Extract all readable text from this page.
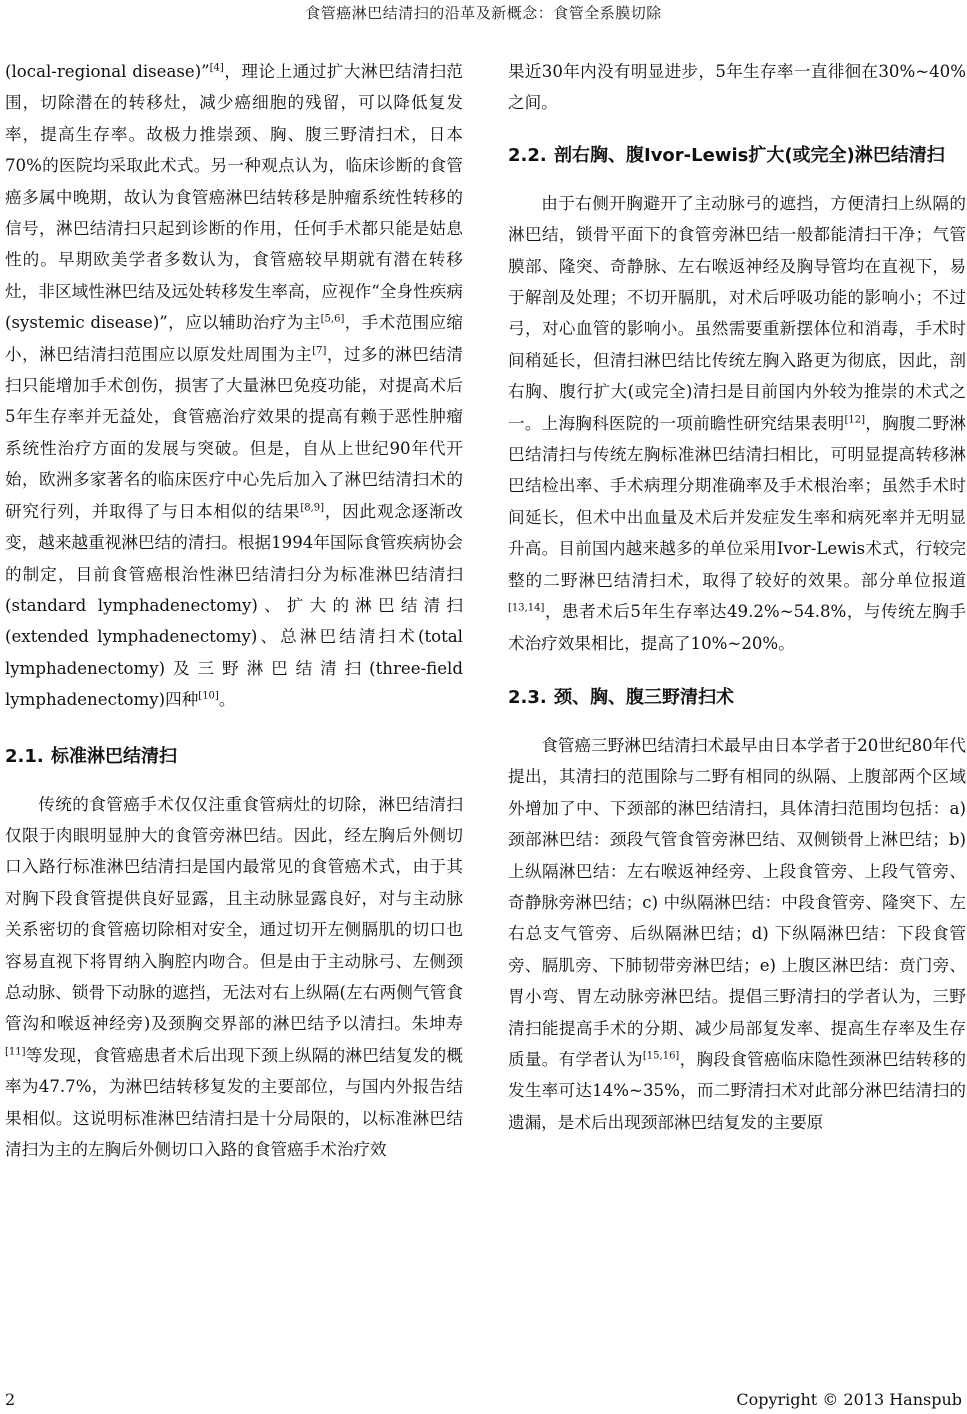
食管癌淋巴结清扫的沿革及新概念：食管全系膜切除

(local-regional disease)”[4]，理论上通过扩大淋巴结清扫范围，切除潜在的转移灶，减少癌细胞的残留，可以降低复发率，提高生存率。故极力推崇颈、胸、腹三野清扫术，日本70%的医院均采取此术式。另一种观点认为，临床诊断的食管癌多属中晚期，故认为食管癌淋巴结转移是肿瘤系统性转移的信号，淋巴结清扫只起到诊断的作用，任何手术都只能是姑息性的。早期欧美学者多数认为，食管癌较早期就有潜在转移灶，非区域性淋巴结及远处转移发生率高，应视作“全身性疾病(systemic disease)”，应以辅助治疗为主[5,6]，手术范围应缩小，淋巴结清扫范围应以原发灶周围为主[7]，过多的淋巴结清扫只能增加手术创伤，损害了大量淋巴免疫功能，对提高术后5年生存率并无益处，食管癌治疗效果的提高有赖于恶性肿瘤系统性治疗方面的发展与突破。但是，自从上世纪90年代开始，欧洲多家著名的临床医疗中心先后加入了淋巴结清扫术的研究行列，并取得了与日本相似的结果[8,9]，因此观念逐渐改变，越来越重视淋巴结的清扫。根据1994年国际食管疾病协会的制定，目前食管癌根治性淋巴结清扫分为标准淋巴结清扫(standard lymphadenectomy)、扩大的淋巴结清扫(extended lymphadenectomy)、总淋巴结清扫术(total lymphadenectomy)及三野淋巴结清扫(three-field lymphadenectomy)四种[10]。

2.1. 标准淋巴结清扫

传统的食管癌手术仅仅注重食管病灶的切除，淋巴结清扫仅限于肉眼明显肿大的食管旁淋巴结。因此，经左胸后外侧切口入路行标准淋巴结清扫是国内最常见的食管癌术式，由于其对胸下段食管提供良好显露，且主动脉显露良好，对与主动脉关系密切的食管癌切除相对安全，通过切开左侧膈肌的切口也容易直视下将胃纳入胸腔内吻合。但是由于主动脉弓、左侧颈总动脉、锁骨下动脉的遮挡，无法对右上纵隔(左右两侧气管食管沟和喉返神经旁)及颈胸交界部的淋巴结予以清扫。朱坤寿[11]等发现，食管癌患者术后出现下颈上纵隔的淋巴结复发的概率为47.7%，为淋巴结转移复发的主要部位，与国内外报告结果相似。这说明标准淋巴结清扫是十分局限的，以标准淋巴结清扫为主的左胸后外侧切口入路的食管癌手术治疗效

果近30年内没有明显进步，5年生存率一直徘徊在30%~40%之间。

2.2. 剖右胸、腹Ivor-Lewis扩大(或完全)淋巴结清扫

由于右侧开胸避开了主动脉弓的遮挡，方便清扫上纵隔的淋巴结，锁骨平面下的食管旁淋巴结一般都能清扫干净；气管膜部、隆突、奇静脉、左右喉返神经及胸导管均在直视下，易于解剖及处理；不切开膈肌，对术后呼吸功能的影响小；不过弓，对心血管的影响小。虽然需要重新摆体位和消毒，手术时间稍延长，但清扫淋巴结比传统左胸入路更为彻底，因此，剖右胸、腹行扩大(或完全)清扫是目前国内外较为推崇的术式之一。上海胸科医院的一项前瞻性研究结果表明[12]，胸腹二野淋巴结清扫与传统左胸标准淋巴结清扫相比，可明显提高转移淋巴结检出率、手术病理分期准确率及手术根治率；虽然手术时间延长，但术中出血量及术后并发症发生率和病死率并无明显升高。目前国内越来越多的单位采用Ivor-Lewis术式，行较完整的二野淋巴结清扫术，取得了较好的效果。部分单位报道[13,14]，患者术后5年生存率达49.2%~54.8%，与传统左胸手术治疗效果相比，提高了10%~20%。

2.3. 颈、胸、腹三野清扫术

食管癌三野淋巴结清扫术最早由日本学者于20世纪80年代提出，其清扫的范围除与二野有相同的纵隔、上腹部两个区域外增加了中、下颈部的淋巴结清扫，具体清扫范围均包括：a) 颈部淋巴结：颈段气管食管旁淋巴结、双侧锁骨上淋巴结；b) 上纵隔淋巴结：左右喉返神经旁、上段食管旁、上段气管旁、奇静脉旁淋巴结；c) 中纵隔淋巴结：中段食管旁、隆突下、左右总支气管旁、后纵隔淋巴结；d) 下纵隔淋巴结：下段食管旁、膈肌旁、下肺韧带旁淋巴结；e) 上腹区淋巴结：贲门旁、胃小弯、胃左动脉旁淋巴结。提倡三野清扫的学者认为，三野清扫能提高手术的分期、减少局部复发率、提高生存率及生存质量。有学者认为[15,16]，胸段食管癌临床隐性颈淋巴结转移的发生率可达14%~35%，而二野清扫术对此部分淋巴结清扫的遗漏，是术后出现颈部淋巴结复发的主要原

2	Copyright © 2013 Hanspub
